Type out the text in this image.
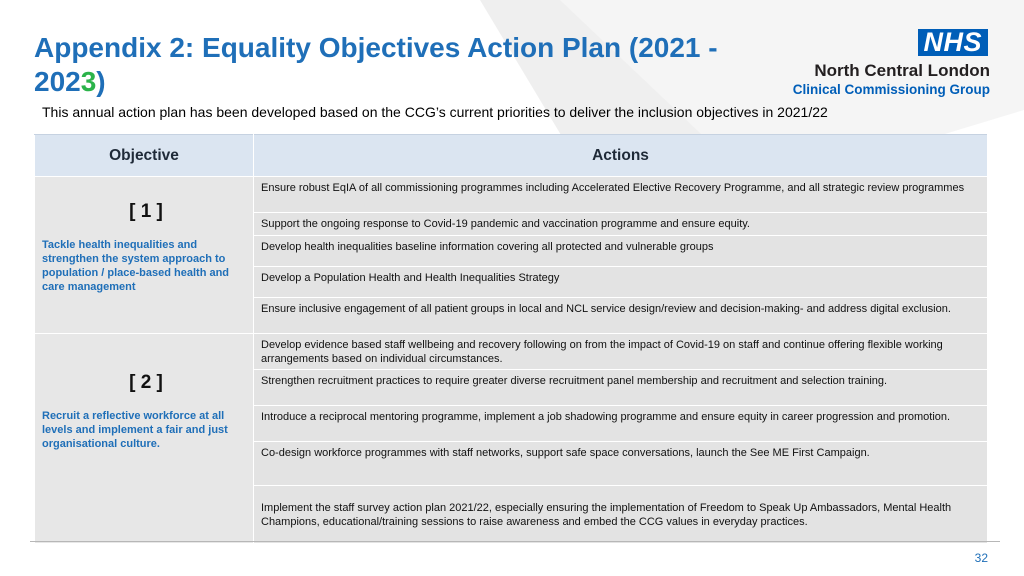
Appendix 2: Equality Objectives Action Plan (2021 - 2023)
NHS
North Central London
Clinical Commissioning Group
This annual action plan has been developed based on the CCG’s current priorities to deliver the inclusion objectives in 2021/22
Objective	Actions

[ 1 ]
Tackle health inequalities and strengthen the system approach to population / place-based health and care management	Ensure robust EqIA of all commissioning programmes including Accelerated Elective Recovery Programme, and all strategic review programmes
	Support the ongoing response to Covid-19 pandemic and vaccination programme and ensure equity.
	Develop health inequalities baseline information covering all protected and vulnerable groups
	Develop a Population Health and Health Inequalities Strategy
	Ensure inclusive engagement of all patient groups in local and NCL service design/review and decision-making- and address digital exclusion.

[ 2 ]
Recruit a reflective workforce at all levels and implement a fair and just organisational culture.	Develop evidence based staff wellbeing and recovery following on from the impact of Covid-19 on staff and continue offering flexible working arrangements based on individual circumstances.
	Strengthen recruitment practices to require greater diverse recruitment panel membership and recruitment and selection training.
	Introduce a reciprocal mentoring programme, implement a job shadowing programme and ensure equity in career progression and promotion.
	Co-design workforce programmes with staff networks, support safe space conversations, launch the See ME First Campaign.
	Implement the staff survey action plan 2021/22, especially ensuring the implementation of Freedom to Speak Up Ambassadors, Mental Health Champions, educational/training sessions to raise awareness and embed the CCG values in everyday practices.
32
